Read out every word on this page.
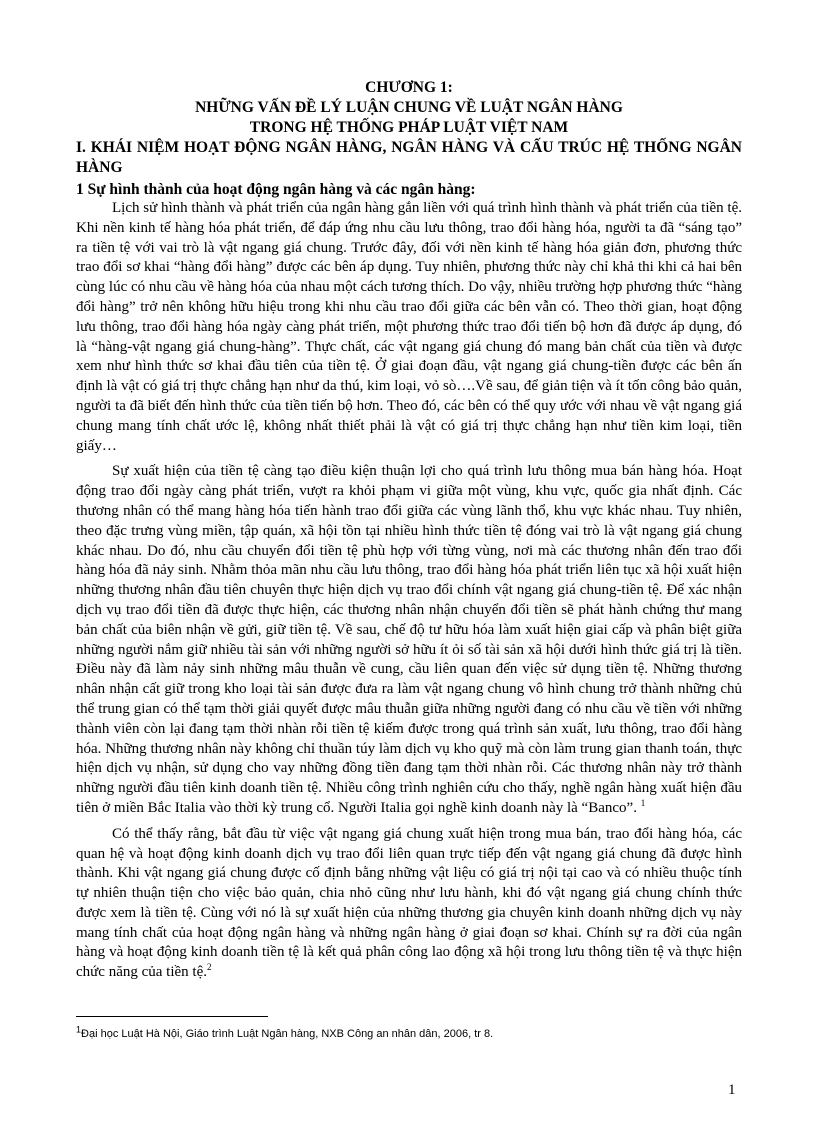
CHƯƠNG 1:
NHỮNG VẤN ĐỀ LÝ LUẬN CHUNG VỀ LUẬT NGÂN HÀNG
TRONG HỆ THỐNG PHÁP LUẬT VIỆT NAM
I. KHÁI NIỆM HOẠT ĐỘNG NGÂN HÀNG, NGÂN HÀNG VÀ CẤU TRÚC HỆ THỐNG NGÂN HÀNG
1 Sự hình thành của hoạt động ngân hàng và các ngân hàng:

Lịch sử hình thành và phát triển của ngân hàng gắn liền với quá trình hình thành và phát triển của tiền tệ. Khi nền kinh tế hàng hóa phát triển, để đáp ứng nhu cầu lưu thông, trao đổi hàng hóa, người ta đã “sáng tạo” ra tiền tệ với vai trò là vật ngang giá chung. Trước đây, đối với nền kinh tế hàng hóa giản đơn, phương thức trao đổi sơ khai “hàng đổi hàng” được các bên áp dụng. Tuy nhiên, phương thức này chỉ khả thi khi cả hai bên cùng lúc có nhu cầu về hàng hóa của nhau một cách tương thích. Do vậy, nhiều trường hợp phương thức “hàng đổi hàng” trở nên không hữu hiệu trong khi nhu cầu trao đổi giữa các bên vẫn có. Theo thời gian, hoạt động lưu thông, trao đổi hàng hóa ngày càng phát triển, một phương thức trao đổi tiến bộ hơn đã được áp dụng, đó là “hàng-vật ngang giá chung-hàng”. Thực chất, các vật ngang giá chung đó mang bản chất của tiền và được xem như hình thức sơ khai đầu tiên của tiền tệ. Ở giai đoạn đầu, vật ngang giá chung-tiền được các bên ấn định là vật có giá trị thực chẳng hạn như da thú, kim loại, vỏ sò….Về sau, để giản tiện và ít tốn công bảo quản, người ta đã biết đến hình thức của tiền tiến bộ hơn. Theo đó, các bên có thể quy ước với nhau về vật ngang giá chung mang tính chất ước lệ, không nhất thiết phải là vật có giá trị thực chẳng hạn như tiền kim loại, tiền giấy…

Sự xuất hiện của tiền tệ càng tạo điều kiện thuận lợi cho quá trình lưu thông mua bán hàng hóa. Hoạt động trao đổi ngày càng phát triển, vượt ra khỏi phạm vi giữa một vùng, khu vực, quốc gia nhất định. Các thương nhân có thể mang hàng hóa tiến hành trao đổi giữa các vùng lãnh thổ, khu vực khác nhau. Tuy nhiên, theo đặc trưng vùng miền, tập quán, xã hội tồn tại nhiều hình thức tiền tệ đóng vai trò là vật ngang giá chung khác nhau. Do đó, nhu cầu chuyển đổi tiền tệ phù hợp với từng vùng, nơi mà các thương nhân đến trao đổi hàng hóa đã nảy sinh. Nhằm thỏa mãn nhu cầu lưu thông, trao đổi hàng hóa phát triển liên tục xã hội xuất hiện những thương nhân đầu tiên chuyên thực hiện dịch vụ trao đổi chính vật ngang giá chung-tiền tệ. Để xác nhận dịch vụ trao đổi tiền đã được thực hiện, các thương nhân nhận chuyển đổi tiền sẽ phát hành chứng thư mang bản chất của biên nhận về gửi, giữ tiền tệ. Về sau, chế độ tư hữu hóa làm xuất hiện giai cấp và phân biệt giữa những người nắm giữ nhiều tài sản với những người sở hữu ít ỏi số tài sản xã hội dưới hình thức giá trị là tiền. Điều này đã làm nảy sinh những mâu thuẫn về cung, cầu liên quan đến việc sử dụng tiền tệ. Những thương nhân nhận cất giữ trong kho loại tài sản được đưa ra làm vật ngang chung vô hình chung trở thành những chủ thể trung gian có thể tạm thời giải quyết được mâu thuẫn giữa những người đang có nhu cầu về tiền với những thành viên còn lại đang tạm thời nhàn rỗi tiền tệ kiếm được trong quá trình sản xuất, lưu thông, trao đổi hàng hóa. Những thương nhân này không chỉ thuần túy làm dịch vụ kho quỹ mà còn làm trung gian thanh toán, thực hiện dịch vụ nhận, sử dụng cho vay những đồng tiền đang tạm thời nhàn rỗi. Các thương nhân này trở thành những người đầu tiên kinh doanh tiền tệ. Nhiều công trình nghiên cứu cho thấy, nghề ngân hàng xuất hiện đầu tiên ở miền Bắc Italia vào thời kỳ trung cổ. Người Italia gọi nghề kinh doanh này là “Banco”. $^1$

Có thể thấy rằng, bắt đầu từ việc vật ngang giá chung xuất hiện trong mua bán, trao đổi hàng hóa, các quan hệ và hoạt động kinh doanh dịch vụ trao đổi liên quan trực tiếp đến vật ngang giá chung đã được hình thành. Khi vật ngang giá chung được cố định bằng những vật liệu có giá trị nội tại cao và có nhiều thuộc tính tự nhiên thuận tiện cho việc bảo quản, chia nhỏ cũng như lưu hành, khi đó vật ngang giá chung chính thức được xem là tiền tệ. Cùng với nó là sự xuất hiện của những thương gia chuyên kinh doanh những dịch vụ này mang tính chất của hoạt động ngân hàng và những ngân hàng ở giai đoạn sơ khai. Chính sự ra đời của ngân hàng và hoạt động kinh doanh tiền tệ là kết quả phân công lao động xã hội trong lưu thông tiền tệ và thực hiện chức năng của tiền tệ.$^2$

$^1$Đại học Luật Hà Nội, Giáo trình Luật Ngân hàng, NXB Công an nhân dân, 2006, tr 8.
1
